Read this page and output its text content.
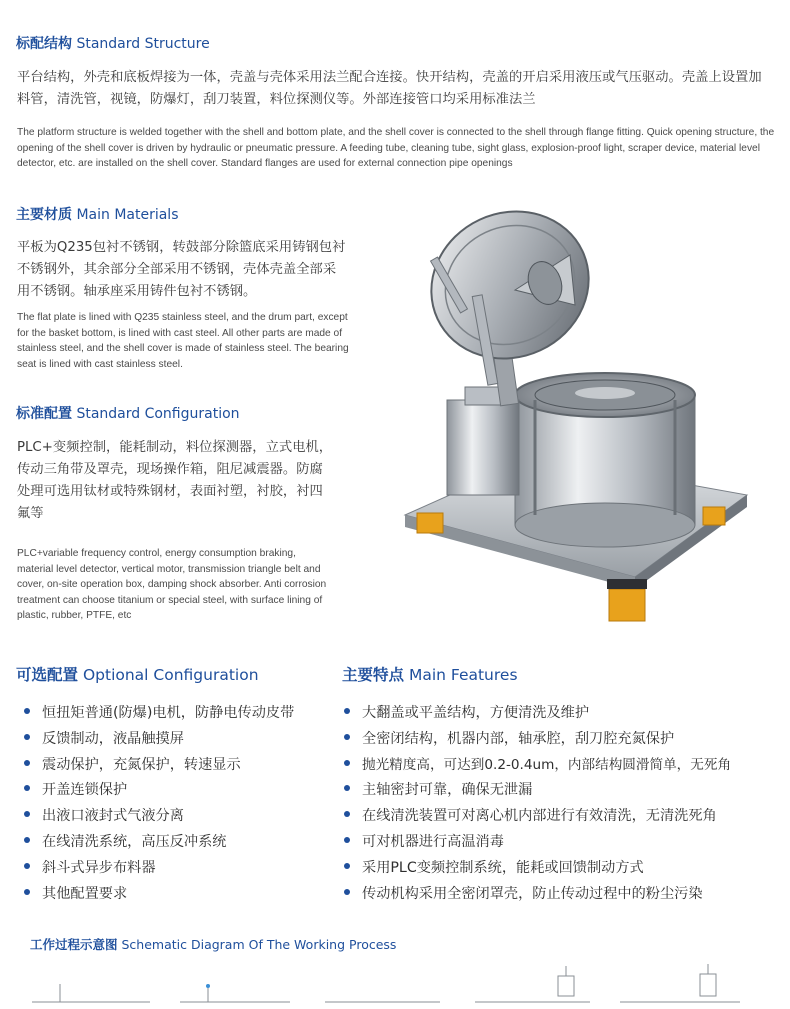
标配结构 Standard Structure
平台结构，外壳和底板焊接为一体，壳盖与壳体采用法兰配合连接。快开结构，壳盖的开启采用液压或气压驱动。壳盖上设置加料管，清洗管，视镜，防爆灯，刮刀装置，料位探测仪等。外部连接管口均采用标准法兰
The platform structure is welded together with the shell and bottom plate, and the shell cover is connected to the shell through flange fitting. Quick opening structure, the opening of the shell cover is driven by hydraulic or pneumatic pressure. A feeding tube, cleaning tube, sight glass, explosion-proof light, scraper device, material level detector, etc. are installed on the shell cover. Standard flanges are used for external connection pipe openings
主要材质 Main Materials
平板为Q235包衬不锈钢，转鼓部分除篮底采用铸钢包衬不锈钢外，其余部分全部采用不锈钢，壳体壳盖全部采用不锈钢。轴承座采用铸件包衬不锈钢。
The flat plate is lined with Q235 stainless steel, and the drum part, except for the basket bottom, is lined with cast steel. All other parts are made of stainless steel, and the shell cover is made of stainless steel. The bearing seat is lined with cast stainless steel.
标准配置 Standard Configuration
PLC+变频控制，能耗制动，料位探测器，立式电机，传动三角带及罩壳，现场操作箱，阻尼减震器。防腐处理可选用钛材或特殊钢材，表面衬塑，衬胶，衬四氟等
PLC+variable frequency control, energy consumption braking, material level detector, vertical motor, transmission triangle belt and cover, on-site operation box, damping shock absorber. Anti corrosion treatment can choose titanium or special steel, with surface lining of plastic, rubber, PTFE, etc
可选配置 Optional Configuration
恒扭矩普通(防爆)电机，防静电传动皮带
反馈制动，液晶触摸屏
震动保护，充氮保护，转速显示
开盖连锁保护
出液口液封式气液分离
在线清洗系统，高压反冲系统
斜斗式异步布料器
其他配置要求
主要特点 Main Features
大翻盖或平盖结构，方便清洗及维护
全密闭结构，机器内部，轴承腔，刮刀腔充氮保护
抛光精度高，可达到0.2-0.4um，内部结构圆滑简单，无死角
主轴密封可靠，确保无泄漏
在线清洗装置可对离心机内部进行有效清洗，无清洗死角
可对机器进行高温消毒
采用PLC变频控制系统，能耗或回馈制动方式
传动机构采用全密闭罩壳，防止传动过程中的粉尘污染
工作过程示意图 Schematic Diagram Of The Working Process
